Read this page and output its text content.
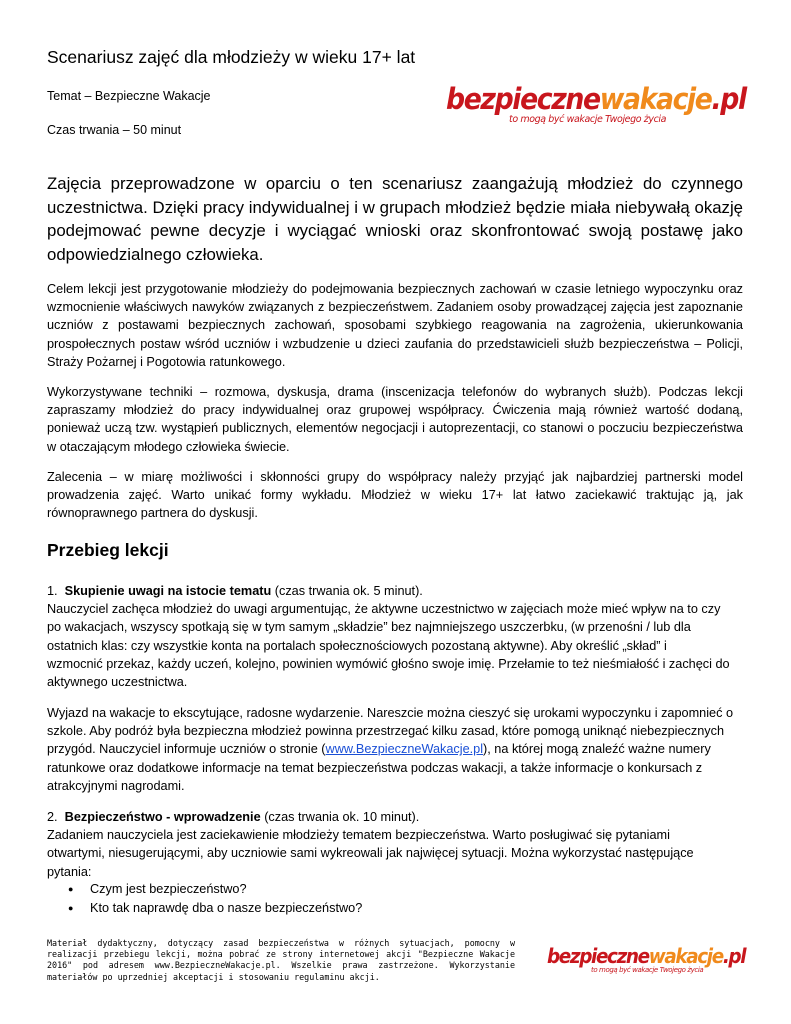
Scenariusz zajęć dla młodzieży w wieku 17+ lat
Temat – Bezpieczne Wakacje
Czas trwania – 50 minut
bezpiecznewakacje.pl
to mogą być wakacje Twojego życia

Zajęcia przeprowadzone w oparciu o ten scenariusz zaangażują młodzież do czynnego uczestnictwa. Dzięki pracy indywidualnej i w grupach młodzież będzie miała niebywałą okazję podejmować pewne decyzje i wyciągać wnioski oraz skonfrontować swoją postawę jako odpowiedzialnego człowieka.

Celem lekcji jest przygotowanie młodzieży do podejmowania bezpiecznych zachowań w czasie letniego wypoczynku oraz wzmocnienie właściwych nawyków związanych z bezpieczeństwem. Zadaniem osoby prowadzącej zajęcia jest zapoznanie uczniów z postawami bezpiecznych zachowań, sposobami szybkiego reagowania na zagrożenia, ukierunkowania prospołecznych postaw wśród uczniów i wzbudzenie u dzieci zaufania do przedstawicieli służb bezpieczeństwa – Policji, Straży Pożarnej i Pogotowia ratunkowego.

Wykorzystywane techniki – rozmowa, dyskusja, drama (inscenizacja telefonów do wybranych służb). Podczas lekcji zapraszamy młodzież do pracy indywidualnej oraz grupowej współpracy. Ćwiczenia mają również wartość dodaną, ponieważ uczą tzw. wystąpień publicznych, elementów negocjacji i autoprezentacji, co stanowi o poczuciu bezpieczeństwa w otaczającym młodego człowieka świecie.

Zalecenia – w miarę możliwości i skłonności grupy do współpracy należy przyjąć jak najbardziej partnerski model prowadzenia zajęć. Warto unikać formy wykładu. Młodzież w wieku 17+ lat łatwo zaciekawić traktując ją, jak równoprawnego partnera do dyskusji.

Przebieg lekcji
1. Skupienie uwagi na istocie tematu (czas trwania ok. 5 minut).
Nauczyciel zachęca młodzież do uwagi argumentując, że aktywne uczestnictwo w zajęciach może mieć wpływ na to czy
po wakacjach, wszyscy spotkają się w tym samym „składzie” bez najmniejszego uszczerbku, (w przenośni / lub dla
ostatnich klas: czy wszystkie konta na portalach społecznościowych pozostaną aktywne). Aby określić „skład” i
wzmocnić przekaz, każdy uczeń, kolejno, powinien wymówić głośno swoje imię. Przełamie to też nieśmiałość i zachęci do
aktywnego uczestnictwa.
Wyjazd na wakacje to ekscytujące, radosne wydarzenie. Nareszcie można cieszyć się urokami wypoczynku i zapomnieć o
szkole. Aby podróż była bezpieczna młodzież powinna przestrzegać kilku zasad, które pomogą uniknąć niebezpiecznych
przygód. Nauczyciel informuje uczniów o stronie (www.BezpieczneWakacje.pl), na której mogą znaleźć ważne numery
ratunkowe oraz dodatkowe informacje na temat bezpieczeństwa podczas wakacji, a także informacje o konkursach z
atrakcyjnymi nagrodami.
2. Bezpieczeństwo - wprowadzenie (czas trwania ok. 10 minut).
Zadaniem nauczyciela jest zaciekawienie młodzieży tematem bezpieczeństwa. Warto posługiwać się pytaniami
otwartymi, niesugerującymi, aby uczniowie sami wykreowali jak najwięcej sytuacji. Można wykorzystać następujące
pytania:
● Czym jest bezpieczeństwo?
● Kto tak naprawdę dba o nasze bezpieczeństwo?

Materiał dydaktyczny, dotyczący zasad bezpieczeństwa w różnych sytuacjach, pomocny w realizacji przebiegu lekcji, można pobrać ze strony internetowej akcji "Bezpieczne Wakacje 2016" pod adresem www.BezpieczneWakacje.pl. Wszelkie prawa zastrzeżone. Wykorzystanie materiałów po uprzedniej akceptacji i stosowaniu regulaminu akcji.

bezpiecznewakacje.pl
to mogą być wakacje Twojego życia
